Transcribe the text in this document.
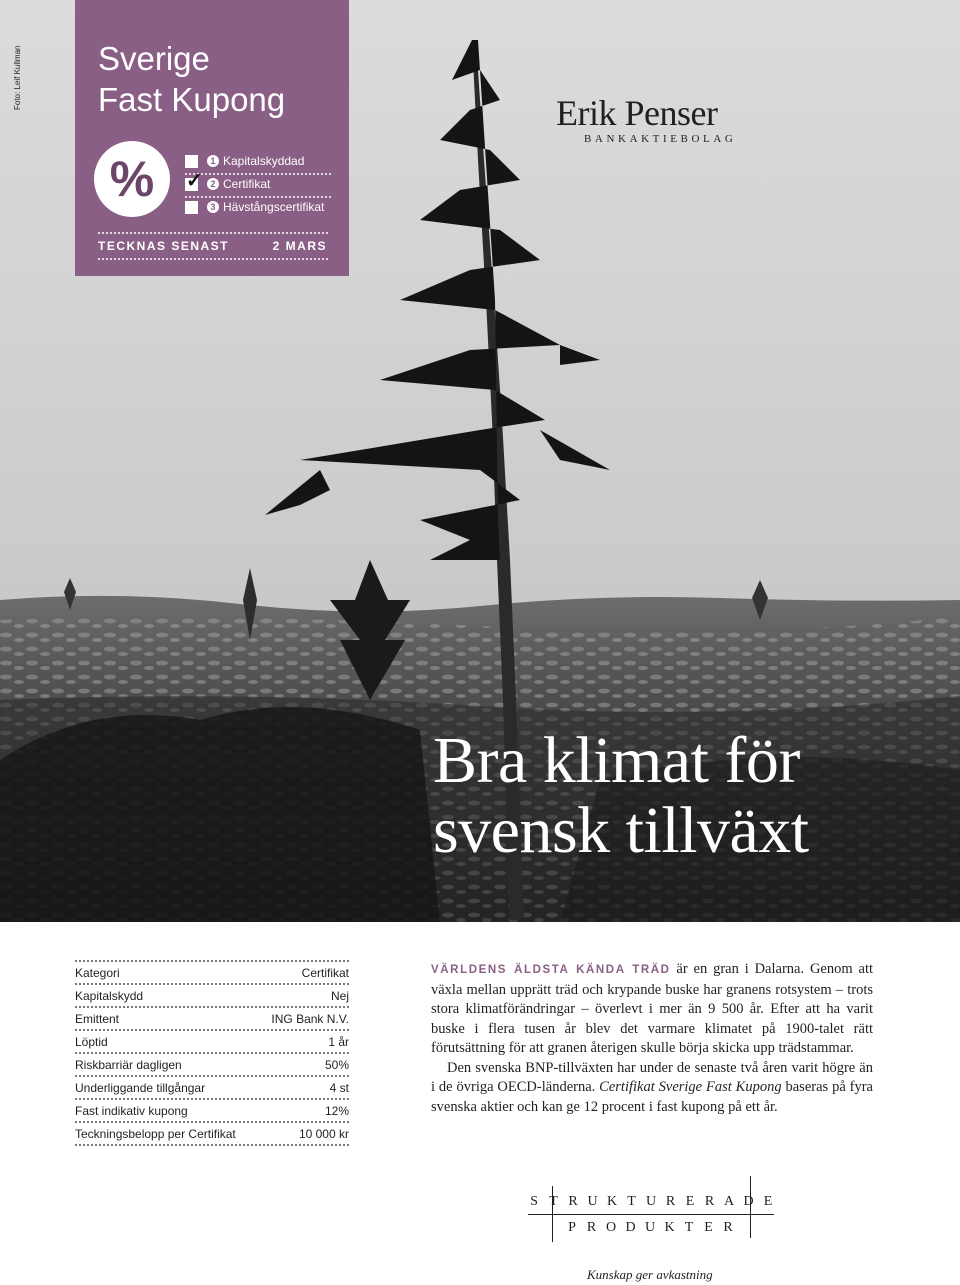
Foto: Leif Kullman Sverige
Fast Kupong
%	1 Kapitalskyddad
✓ 2 Certifikat
3 Hävstångscertifikat
TECKNAS SENAST	2 MARS
Erik Penser
BANKAKTIEBOLAG
Bra klimat för
svensk tillväxt
Kategori	Certifikat
Kapitalskydd	Nej
Emittent	ING Bank N.V.
Löptid	1 år
Riskbarriär dagligen	50%
Underliggande tillgångar	4 st
Fast indikativ kupong	12%
Teckningsbelopp per Certifikat	10 000 kr

VÄRLDENS ÄLDSTA KÄNDA TRÄD är en gran i Dalarna. Genom att växla mellan upprätt träd och krypande buske har granens rotsystem – trots stora klimatförändringar – överlevt i mer än 9 500 år. Efter att ha varit buske i flera tusen år blev det varmare klimatet på 1900-talet rätt förutsättning för att granen återigen skulle börja skicka upp trädstammar.

Den svenska BNP-tillväxten har under de senaste två åren varit högre än i de övriga OECD-länderna. Certifikat Sverige Fast Kupong baseras på fyra svenska aktier och kan ge 12 procent i fast kupong på ett år.

S T R U K T U R E R A D E
P R O D U K T E R
Kunskap ger avkastning
